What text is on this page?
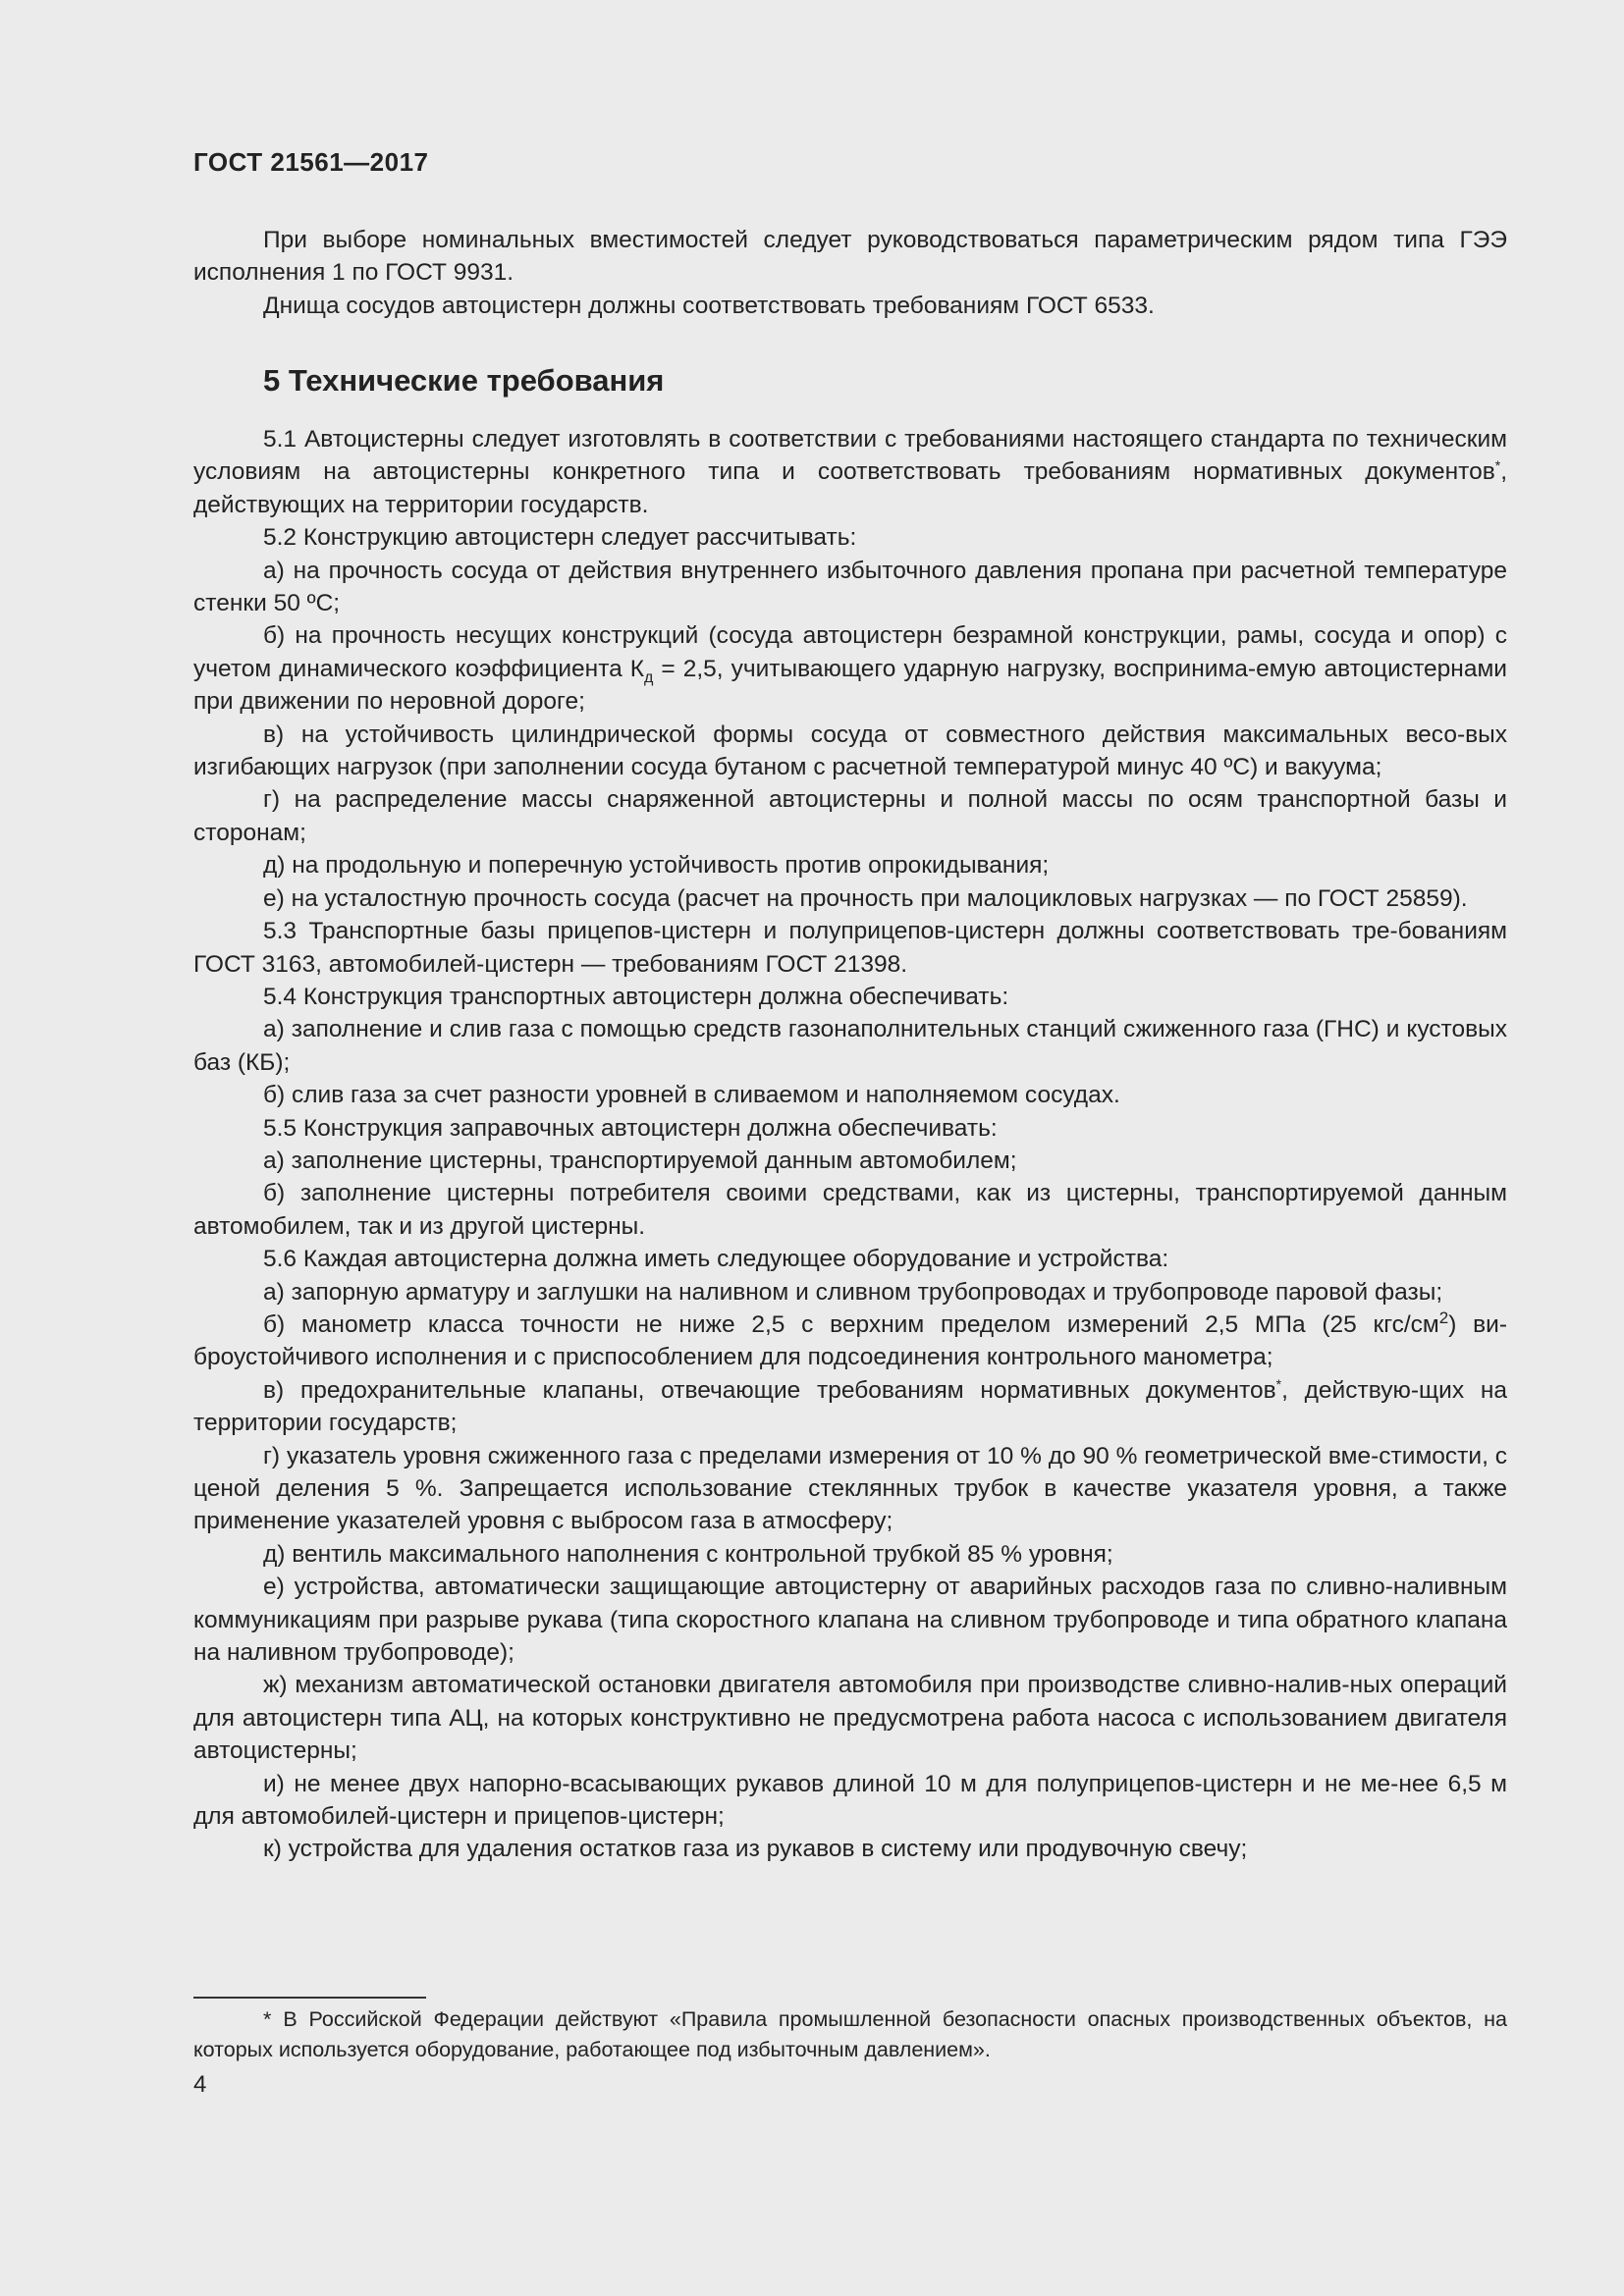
ГОСТ 21561—2017

При выборе номинальных вместимостей следует руководствоваться параметрическим рядом типа ГЭЭ исполнения 1 по ГОСТ 9931.

Днища сосудов автоцистерн должны соответствовать требованиям ГОСТ 6533.

5 Технические требования

5.1 Автоцистерны следует изготовлять в соответствии с требованиями настоящего стандарта по техническим условиям на автоцистерны конкретного типа и соответствовать требованиям нормативных документов*, действующих на территории государств.

5.2 Конструкцию автоцистерн следует рассчитывать:

а) на прочность сосуда от действия внутреннего избыточного давления пропана при расчетной температуре стенки 50 ºС;

б) на прочность несущих конструкций (сосуда автоцистерн безрамной конструкции, рамы, сосуда и опор) с учетом динамического коэффициента $К_д = 2,5$, учитывающего ударную нагрузку, воспринима-емую автоцистернами при движении по неровной дороге;

в) на устойчивость цилиндрической формы сосуда от совместного действия максимальных весо-вых изгибающих нагрузок (при заполнении сосуда бутаном с расчетной температурой минус 40 ºС) и вакуума;

г) на распределение массы снаряженной автоцистерны и полной массы по осям транспортной базы и сторонам;

д) на продольную и поперечную устойчивость против опрокидывания;

е) на усталостную прочность сосуда (расчет на прочность при малоцикловых нагрузках — по ГОСТ 25859).

5.3 Транспортные базы прицепов-цистерн и полуприцепов-цистерн должны соответствовать тре-бованиям ГОСТ 3163, автомобилей-цистерн — требованиям ГОСТ 21398.

5.4 Конструкция транспортных автоцистерн должна обеспечивать:

а) заполнение и слив газа с помощью средств газонаполнительных станций сжиженного газа (ГНС) и кустовых баз (КБ);

б) слив газа за счет разности уровней в сливаемом и наполняемом сосудах.

5.5 Конструкция заправочных автоцистерн должна обеспечивать:

а) заполнение цистерны, транспортируемой данным автомобилем;

б) заполнение цистерны потребителя своими средствами, как из цистерны, транспортируемой данным автомобилем, так и из другой цистерны.

5.6 Каждая автоцистерна должна иметь следующее оборудование и устройства:

а) запорную арматуру и заглушки на наливном и сливном трубопроводах и трубопроводе паровой фазы;

б) манометр класса точности не ниже 2,5 с верхним пределом измерений 2,5 МПа (25 кгс/$см^2$) ви-броустойчивого исполнения и с приспособлением для подсоединения контрольного манометра;

в) предохранительные клапаны, отвечающие требованиям нормативных документов*, действую-щих на территории государств;

г) указатель уровня сжиженного газа с пределами измерения от 10 % до 90 % геометрической вме-стимости, с ценой деления 5 %. Запрещается использование стеклянных трубок в качестве указателя уровня, а также применение указателей уровня с выбросом газа в атмосферу;

д) вентиль максимального наполнения с контрольной трубкой 85 % уровня;

е) устройства, автоматически защищающие автоцистерну от аварийных расходов газа по сливно-наливным коммуникациям при разрыве рукава (типа скоростного клапана на сливном трубопроводе и типа обратного клапана на наливном трубопроводе);

ж) механизм автоматической остановки двигателя автомобиля при производстве сливно-налив-ных операций для автоцистерн типа АЦ, на которых конструктивно не предусмотрена работа насоса с использованием двигателя автоцистерны;

и) не менее двух напорно-всасывающих рукавов длиной 10 м для полуприцепов-цистерн и не ме-нее 6,5 м для автомобилей-цистерн и прицепов-цистерн;

к) устройства для удаления остатков газа из рукавов в систему или продувочную свечу;

* В Российской Федерации действуют «Правила промышленной безопасности опасных производственных объектов, на которых используется оборудование, работающее под избыточным давлением».

4
